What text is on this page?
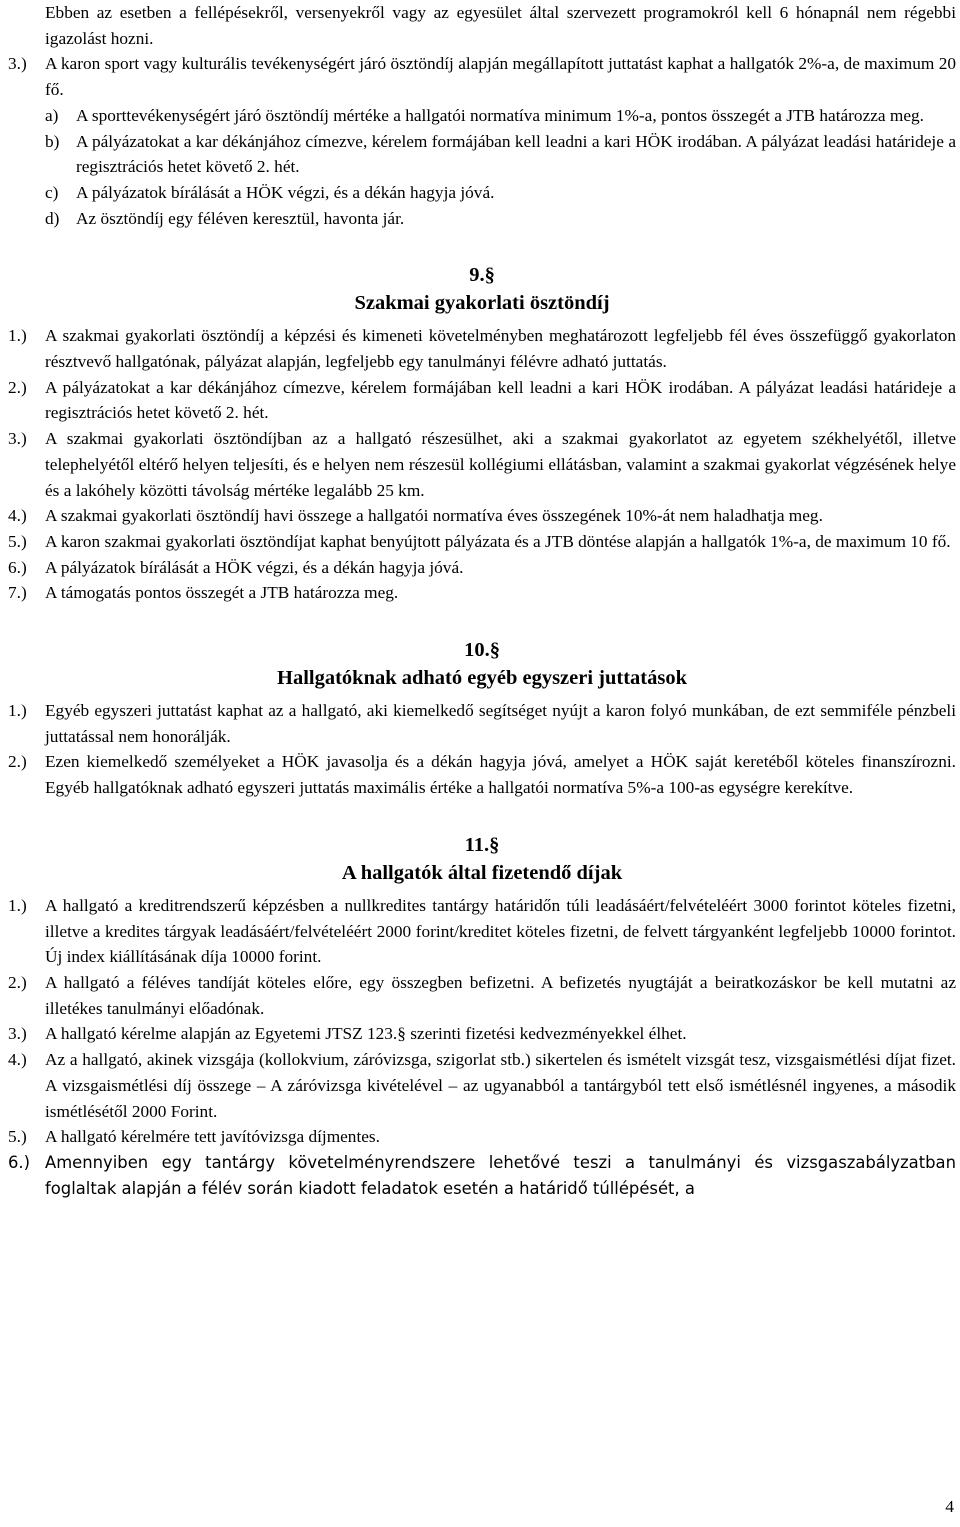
Ebben az esetben a fellépésekről, versenyekről vagy az egyesület által szervezett programokról kell 6 hónapnál nem régebbi igazolást hozni.

3.)	A karon sport vagy kulturális tevékenységért járó ösztöndíj alapján megállapított juttatást kaphat a hallgatók 2%-a, de maximum 20 fő.
a)	A sporttevékenységért járó ösztöndíj mértéke a hallgatói normatíva minimum 1%-a, pontos összegét a JTB határozza meg.
b) A pályázatokat a kar dékánjához címezve, kérelem formájában kell leadni a kari HÖK irodában. A pályázat leadási határideje a regisztrációs hetet követő 2. hét.
c)	A pályázatok bírálását a HÖK végzi, és a dékán hagyja jóvá.
d) Az ösztöndíj egy féléven keresztül, havonta jár.
9.§
Szakmai gyakorlati ösztöndíj
1.)	A szakmai gyakorlati ösztöndíj a képzési és kimeneti követelményben meghatározott legfeljebb fél éves összefüggő gyakorlaton résztvevő hallgatónak, pályázat alapján, legfeljebb egy tanulmányi félévre adható juttatás.
2.)	A pályázatokat a kar dékánjához címezve, kérelem formájában kell leadni a kari HÖK irodában. A pályázat leadási határideje a regisztrációs hetet követő 2. hét.
3.)	A szakmai gyakorlati ösztöndíjban az a hallgató részesülhet, aki a szakmai gyakorlatot az egyetem székhelyétől, illetve telephelyétől eltérő helyen teljesíti, és e helyen nem részesül kollégiumi ellátásban, valamint a szakmai gyakorlat végzésének helye és a lakóhely közötti távolság mértéke legalább 25 km.
4.)	A szakmai gyakorlati ösztöndíj havi összege a hallgatói normatíva éves összegének 10%-át nem haladhatja meg.
5.)	A karon szakmai gyakorlati ösztöndíjat kaphat benyújtott pályázata és a JTB döntése alapján a hallgatók 1%-a, de maximum 10 fő.
6.)	A pályázatok bírálását a HÖK végzi, és a dékán hagyja jóvá.
7.)	A támogatás pontos összegét a JTB határozza meg.
10.§
Hallgatóknak adható egyéb egyszeri juttatások
1.)	Egyéb egyszeri juttatást kaphat az a hallgató, aki kiemelkedő segítséget nyújt a karon folyó munkában, de ezt semmiféle pénzbeli juttatással nem honorálják.
2.)	Ezen kiemelkedő személyeket a HÖK javasolja és a dékán hagyja jóvá, amelyet a HÖK saját keretéből köteles finanszírozni. Egyéb hallgatóknak adható egyszeri juttatás maximális értéke a hallgatói normatíva 5%-a 100-as egységre kerekítve.
11.§
A hallgatók által fizetendő díjak
1.)	A hallgató a kreditrendszerű képzésben a nullkredites tantárgy határidőn túli leadásáért/felvételéért 3000 forintot köteles fizetni, illetve a kredites tárgyak leadásáért/felvételéért 2000 forint/kreditet köteles fizetni, de felvett tárgyanként legfeljebb 10000 forintot. Új index kiállításának díja 10000 forint.
2.)	A hallgató a féléves tandíját köteles előre, egy összegben befizetni. A befizetés nyugtáját a beiratkozáskor be kell mutatni az illetékes tanulmányi előadónak.
3.)	A hallgató kérelme alapján az Egyetemi JTSZ 123.§ szerinti fizetési kedvezményekkel élhet.
4.)	Az a hallgató, akinek vizsgája (kollokvium, záróvizsga, szigorlat stb.) sikertelen és ismételt vizsgát tesz, vizsgaismétlési díjat fizet. A vizsgaismétlési díj összege – A záróvizsga kivételével – az ugyanabból a tantárgyból tett első ismétlésnél ingyenes, a második ismétlésétől 2000 Forint.
5.)	A hallgató kérelmére tett javítóvizsga díjmentes.
6.) Amennyiben egy tantárgy követelményrendszere lehetővé teszi a tanulmányi és vizsgaszabályzatban foglaltak alapján a félév során kiadott feladatok esetén a határidő túllépését, a
4
